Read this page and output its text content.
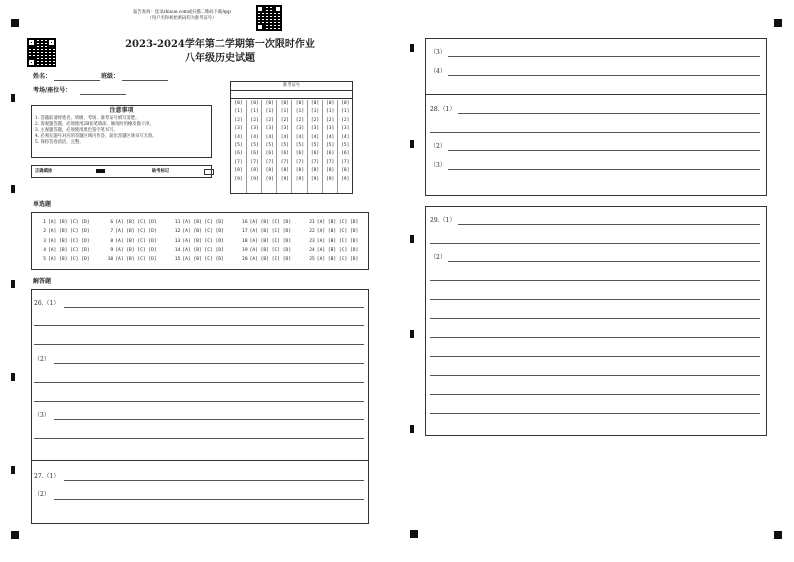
报告查询：登录zhixue.com或扫描二维码下载App
（用户名和初始密码均为准考证号）
2023-2024学年第二学期第一次限时作业
八年级历史试题
姓名：	班级：
考场/座位号：
注意事项
1. 答题前请将姓名、班级、考场、准考证号填写清楚。
2. 客观题答题，必须使用2B铅笔填涂，修改时用橡皮擦干净。
3. 主观题答题，必须使用黑色签字笔书写。
4. 必须在题号对应的答题区域内作答，超出答题区域书写无效。
5. 保持答卷清洁、完整。
正确填涂	缺考标记
准考证号
[0]
[1]
[2]
[3]
[4]
[5]
[6]
[7]
[8]
[9]
[0]
[1]
[2]
[3]
[4]
[5]
[6]
[7]
[8]
[9]
[0]
[1]
[2]
[3]
[4]
[5]
[6]
[7]
[8]
[9]
[0]
[1]
[2]
[3]
[4]
[5]
[6]
[7]
[8]
[9]
[0]
[1]
[2]
[3]
[4]
[5]
[6]
[7]
[8]
[9]
[0]
[1]
[2]
[3]
[4]
[5]
[6]
[7]
[8]
[9]
[0]
[1]
[2]
[3]
[4]
[5]
[6]
[7]
[8]
[9]
[0]
[1]
[2]
[3]
[4]
[5]
[6]
[7]
[8]
[9]
单选题
1 [A] [B] [C] [D]
2 [A] [B] [C] [D]
3 [A] [B] [C] [D]
4 [A] [B] [C] [D]
5 [A] [B] [C] [D]
6 [A] [B] [C] [D]
7 [A] [B] [C] [D]
8 [A] [B] [C] [D]
9 [A] [B] [C] [D]
10 [A] [B] [C] [D]
11 [A] [B] [C] [D]
12 [A] [B] [C] [D]
13 [A] [B] [C] [D]
14 [A] [B] [C] [D]
15 [A] [B] [C] [D]
16 [A] [B] [C] [D]
17 [A] [B] [C] [D]
18 [A] [B] [C] [D]
19 [A] [B] [C] [D]
20 [A] [B] [C] [D]
21 [A] [B] [C] [D]
22 [A] [B] [C] [D]
23 [A] [B] [C] [D]
24 [A] [B] [C] [D]
25 [A] [B] [C] [D]
解答题
26.（1）
（2）
（3）
27.（1）
（2）
（3）
（4）
28.（1）
（2）
（3）
29.（1）
（2）
